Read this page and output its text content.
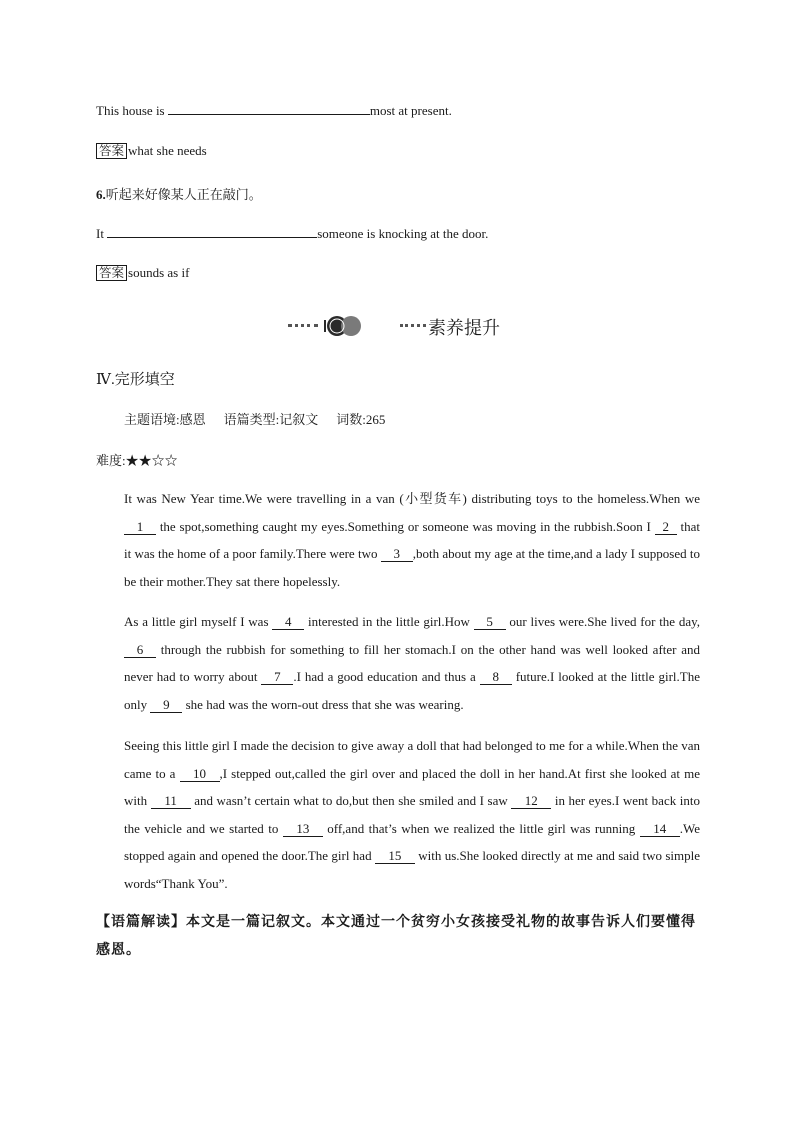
This house is	most at present.
答案 what she needs
6.听起来好像某人正在敲门。
It	someone is knocking at the door.
答案 sounds as if
素养提升
Ⅳ.完形填空
主题语境:感恩 语篇类型:记叙文 词数:265
难度:★★☆☆

It was New Year time.We were travelling in a van (小型货车) distributing toys to the homeless.When we 1 the spot,something caught my eyes.Something or someone was moving in the rubbish.Soon I 2 that it was the home of a poor family.There were two 3 ,both about my age at the time,and a lady I supposed to be their mother.They sat there hopelessly.

As a little girl myself I was 4 interested in the little girl.How 5 our lives were.She lived for the day,6 through the rubbish for something to fill her stomach.I on the other hand was well looked after and never had to worry about 7 .I had a good education and thus a 8 future.I looked at the little girl.The only 9 she had was the worn-out dress that she was wearing.

Seeing this little girl I made the decision to give away a doll that had belonged to me for a while.When the van came to a 10 ,I stepped out,called the girl over and placed the doll in her hand.At first she looked at me with 11 and wasn’t certain what to do,but then she smiled and I saw 12 in her eyes.I went back into the vehicle and we started to 13 off,and that’s when we realized the little girl was running 14 .We stopped again and opened the door.The girl had 15 with us.She looked directly at me and said two simple words“Thank You”.

【语篇解读】本文是一篇记叙文。本文通过一个贫穷小女孩接受礼物的故事告诉人们要懂得感恩。
